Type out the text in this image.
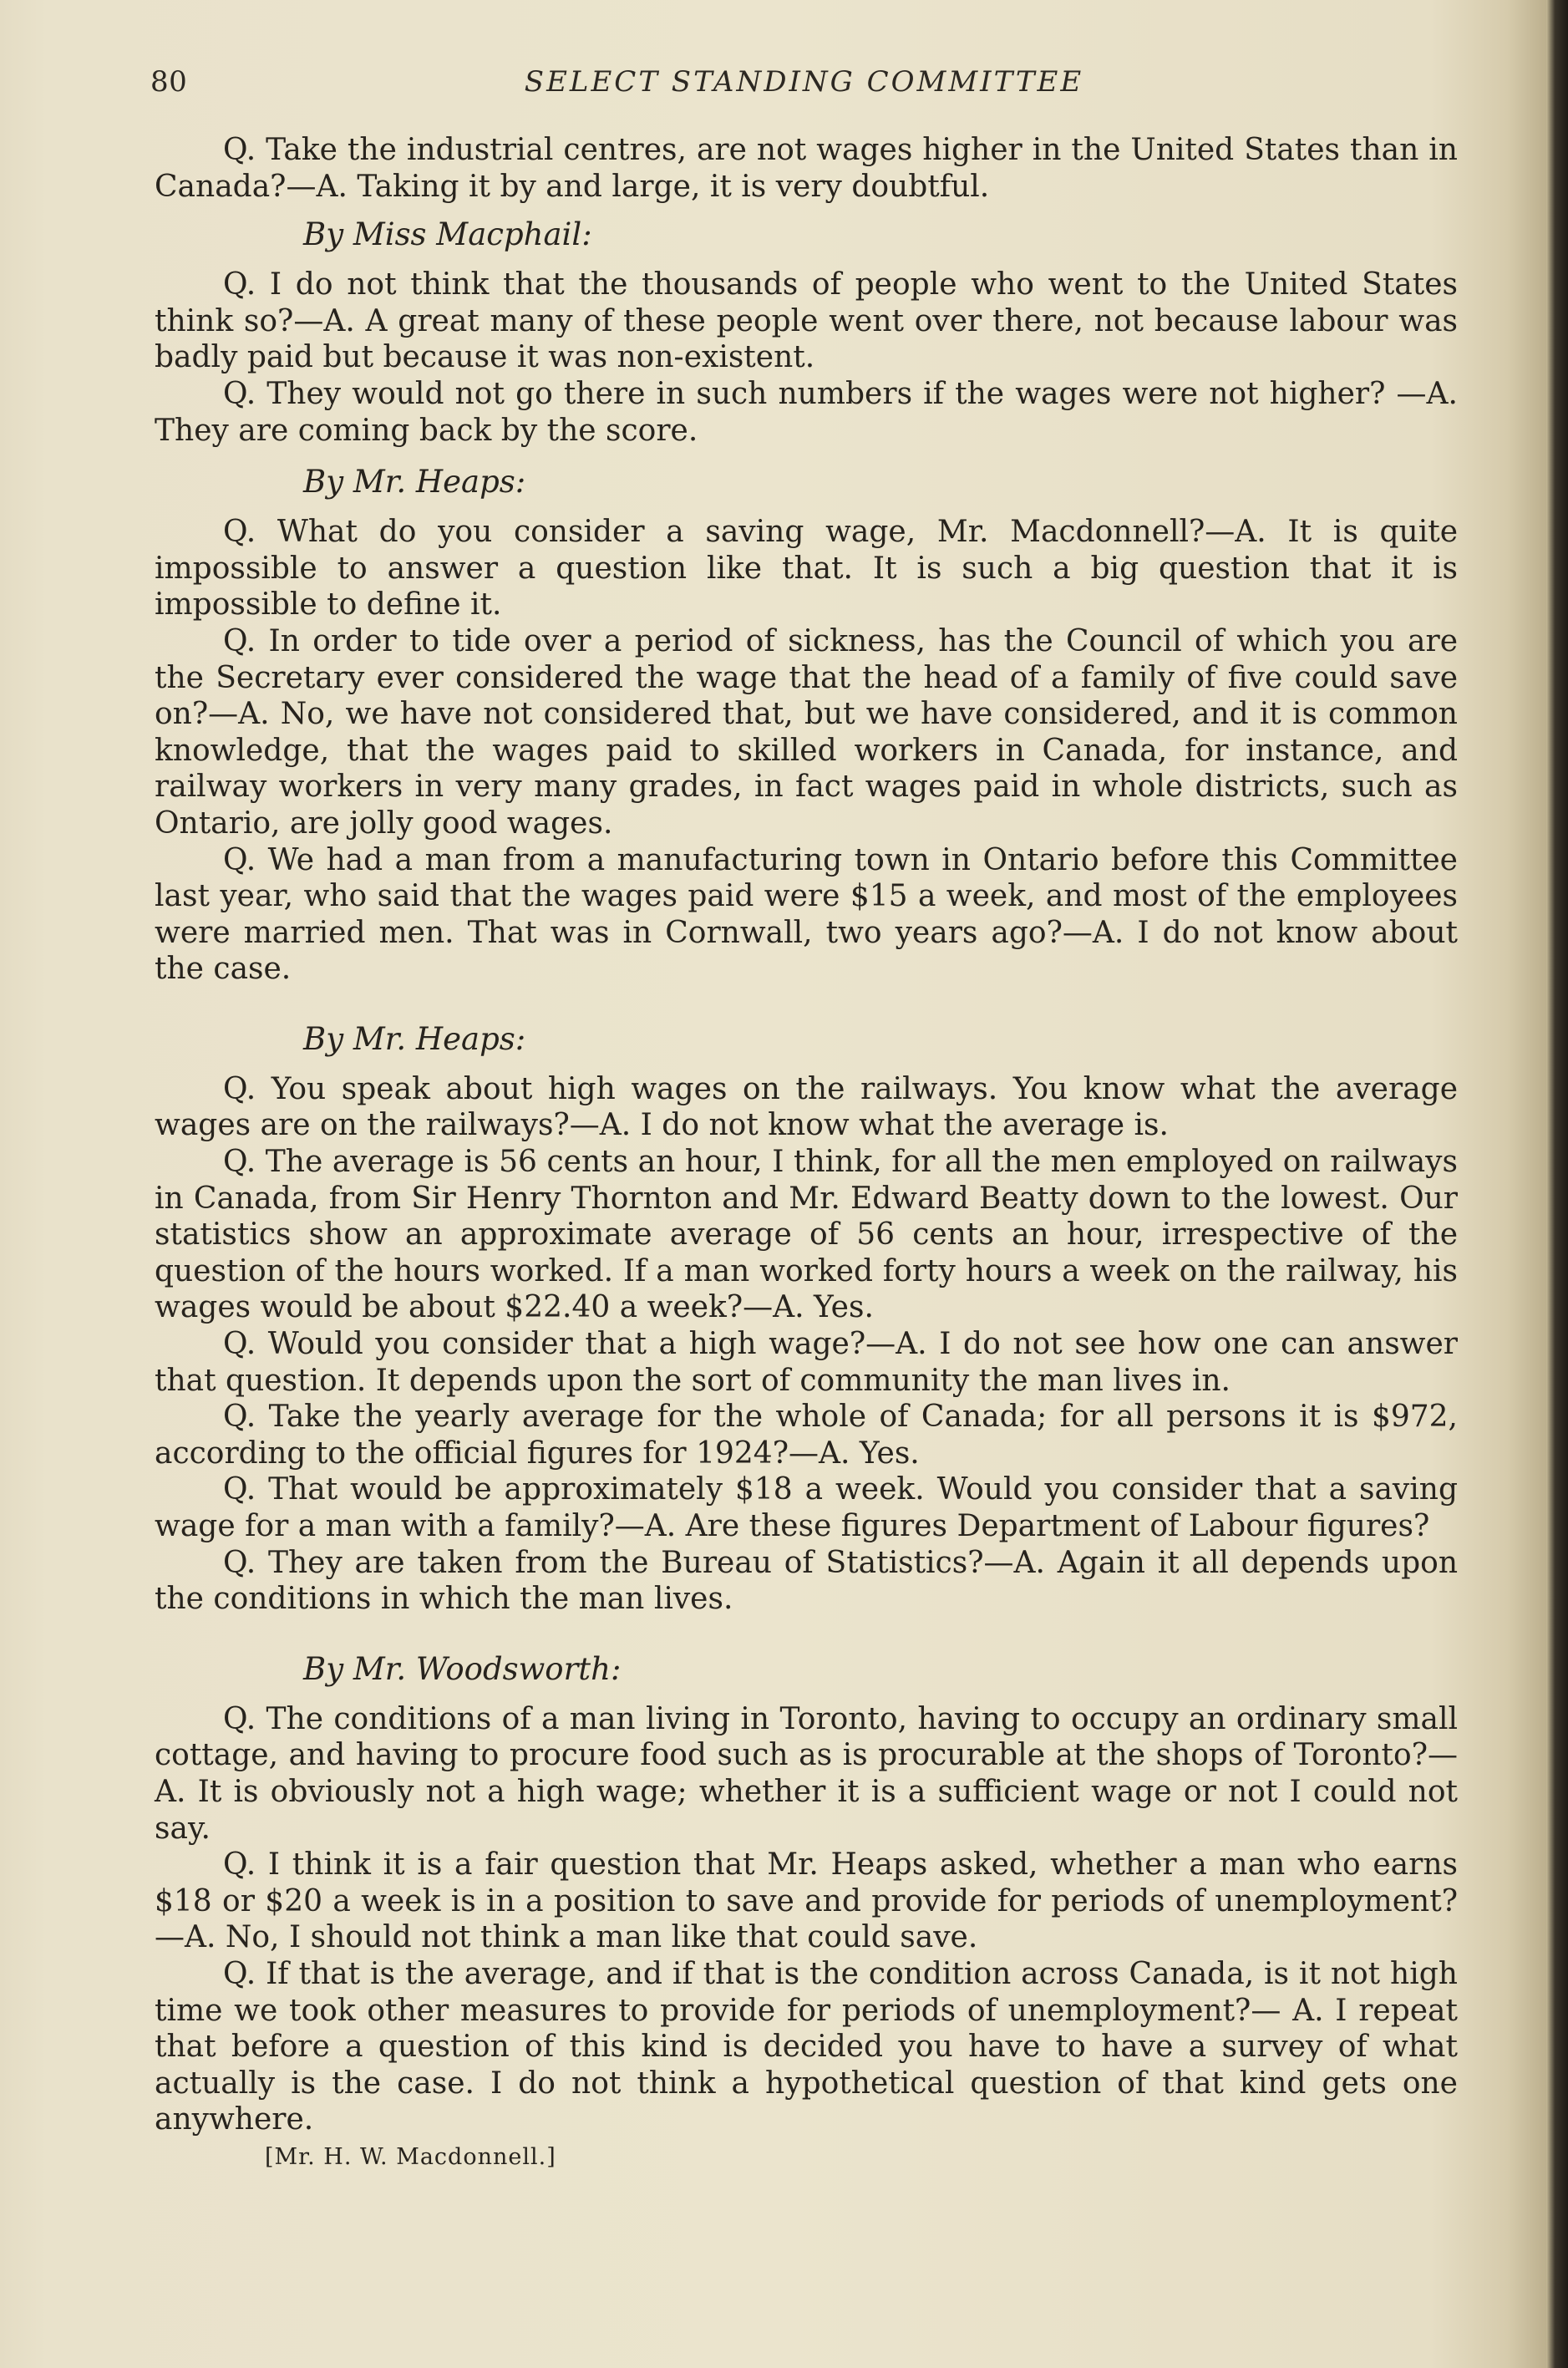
80	SELECT STANDING COMMITTEE

Q. Take the industrial centres, are not wages higher in the United States than in Canada?—A. Taking it by and large, it is very doubtful.

By Miss Macphail:

Q. I do not think that the thousands of people who went to the United States think so?—A. A great many of these people went over there, not because labour was badly paid but because it was non-existent.

Q. They would not go there in such numbers if the wages were not higher? —A. They are coming back by the score.

By Mr. Heaps:

Q. What do you consider a saving wage, Mr. Macdonnell?—A. It is quite impossible to answer a question like that. It is such a big question that it is impossible to define it.

Q. In order to tide over a period of sickness, has the Council of which you are the Secretary ever considered the wage that the head of a family of five could save on?—A. No, we have not considered that, but we have considered, and it is common knowledge, that the wages paid to skilled workers in Canada, for instance, and railway workers in very many grades, in fact wages paid in whole districts, such as Ontario, are jolly good wages.

Q. We had a man from a manufacturing town in Ontario before this Committee last year, who said that the wages paid were $15 a week, and most of the employees were married men. That was in Cornwall, two years ago?—A. I do not know about the case.

By Mr. Heaps:

Q. You speak about high wages on the railways. You know what the average wages are on the railways?—A. I do not know what the average is.

Q. The average is 56 cents an hour, I think, for all the men employed on railways in Canada, from Sir Henry Thornton and Mr. Edward Beatty down to the lowest. Our statistics show an approximate average of 56 cents an hour, irrespective of the question of the hours worked. If a man worked forty hours a week on the railway, his wages would be about $22.40 a week?—A. Yes.

Q. Would you consider that a high wage?—A. I do not see how one can answer that question. It depends upon the sort of community the man lives in.

Q. Take the yearly average for the whole of Canada; for all persons it is $972, according to the official figures for 1924?—A. Yes.

Q. That would be approximately $18 a week. Would you consider that a saving wage for a man with a family?—A. Are these figures Department of Labour figures?

Q. They are taken from the Bureau of Statistics?—A. Again it all depends upon the conditions in which the man lives.

By Mr. Woodsworth:

Q. The conditions of a man living in Toronto, having to occupy an ordinary small cottage, and having to procure food such as is procurable at the shops of Toronto?—A. It is obviously not a high wage; whether it is a sufficient wage or not I could not say.

Q. I think it is a fair question that Mr. Heaps asked, whether a man who earns $18 or $20 a week is in a position to save and provide for periods of unemployment?—A. No, I should not think a man like that could save.

Q. If that is the average, and if that is the condition across Canada, is it not high time we took other measures to provide for periods of unemployment?— A. I repeat that before a question of this kind is decided you have to have a survey of what actually is the case. I do not think a hypothetical question of that kind gets one anywhere.

[Mr. H. W. Macdonnell.]
